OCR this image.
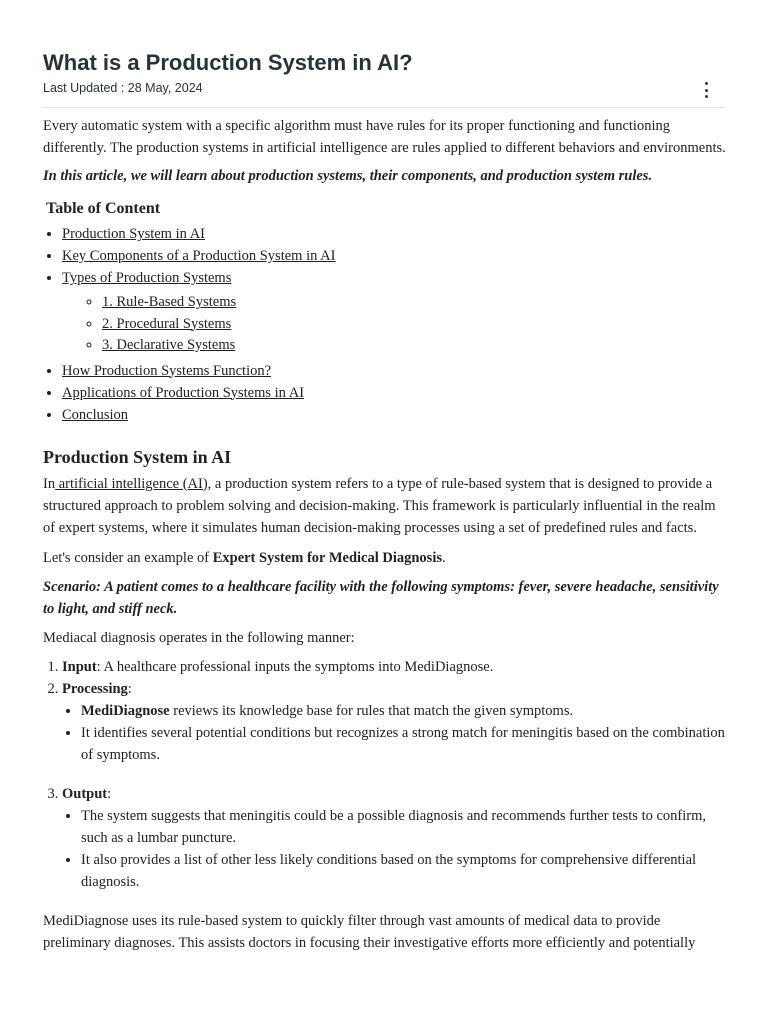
What is a Production System in AI?
Last Updated : 28 May, 2024

Every automatic system with a specific algorithm must have rules for its proper functioning and functioning differently. The production systems in artificial intelligence are rules applied to different behaviors and environments.

In this article, we will learn about production systems, their components, and production system rules.

Table of Content
• Production System in AI
• Key Components of a Production System in AI
• Types of Production Systems
◦ 1. Rule-Based Systems
◦ 2. Procedural Systems
◦ 3. Declarative Systems
• How Production Systems Function?
• Applications of Production Systems in AI
• Conclusion
Production System in AI

In artificial intelligence (AI), a production system refers to a type of rule-based system that is designed to provide a structured approach to problem solving and decision-making. This framework is particularly influential in the realm of expert systems, where it simulates human decision-making processes using a set of predefined rules and facts.

Let's consider an example of Expert System for Medical Diagnosis.

Scenario: A patient comes to a healthcare facility with the following symptoms: fever, severe headache, sensitivity to light, and stiff neck.

Mediacal diagnosis operates in the following manner:

1. Input: A healthcare professional inputs the symptoms into MediDiagnose.
2. Processing:
• MediDiagnose reviews its knowledge base for rules that match the given symptoms.
• It identifies several potential conditions but recognizes a strong match for meningitis based on the combination of symptoms.
3. Output:
• The system suggests that meningitis could be a possible diagnosis and recommends further tests to confirm, such as a lumbar puncture.
• It also provides a list of other less likely conditions based on the symptoms for comprehensive differential diagnosis.

MediDiagnose uses its rule-based system to quickly filter through vast amounts of medical data to provide preliminary diagnoses. This assists doctors in focusing their investigative efforts more efficiently and potentially
